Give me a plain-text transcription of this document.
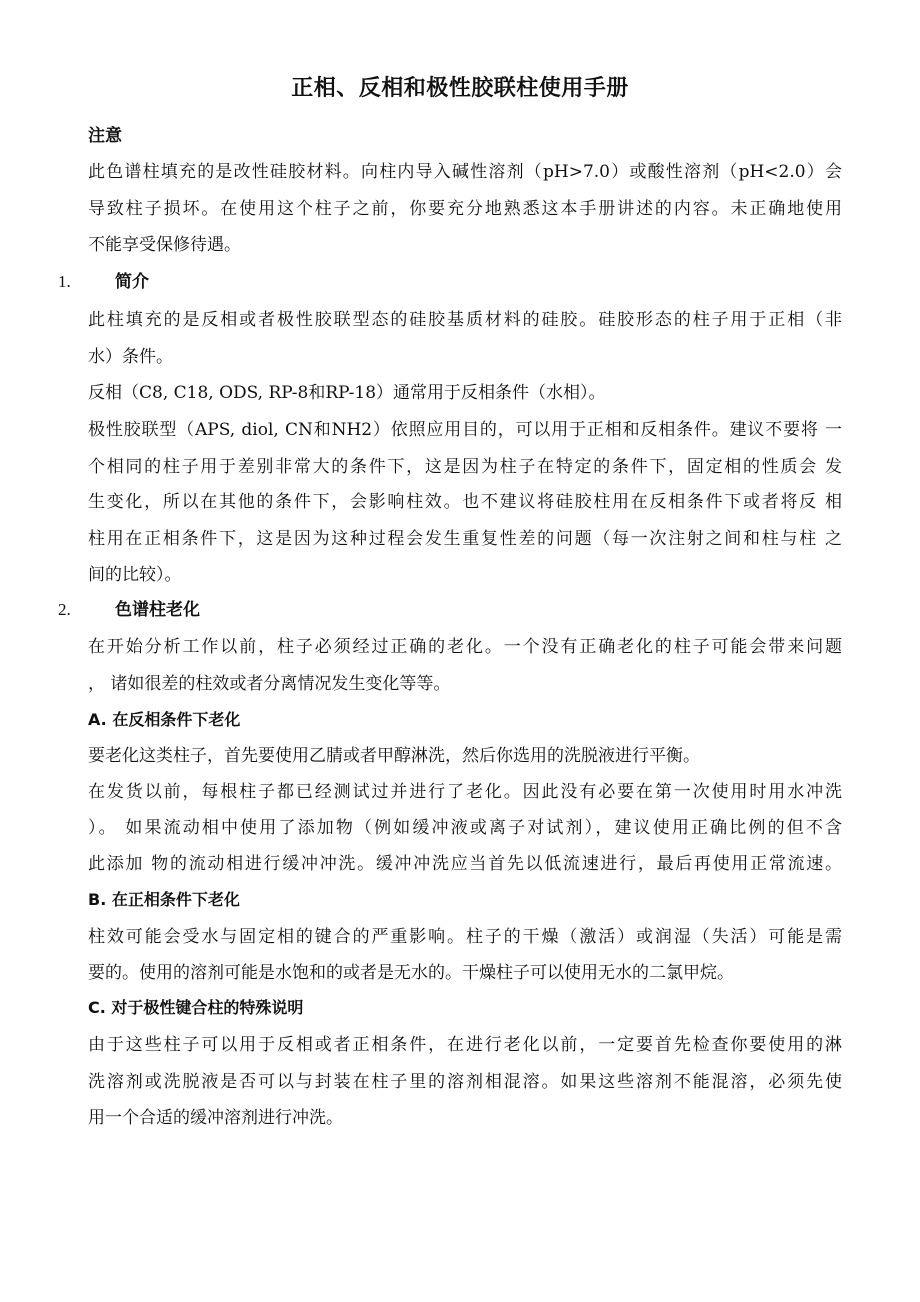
正相、反相和极性胶联柱使用手册
注意
此色谱柱填充的是改性硅胶材料。向柱内导入碱性溶剂（pH>7.0）或酸性溶剂（pH<2.0）会
导致柱子损坏。在使用这个柱子之前，你要充分地熟悉这本手册讲述的内容。未正确地使用
不能享受保修待遇。
1.	简介
此柱填充的是反相或者极性胶联型态的硅胶基质材料的硅胶。硅胶形态的柱子用于正相（非
水）条件。
反相（C8, C18, ODS, RP-8和RP-18）通常用于反相条件（水相）。
极性胶联型（APS, diol, CN和NH2）依照应用目的，可以用于正相和反相条件。建议不要将 一
个相同的柱子用于差别非常大的条件下，这是因为柱子在特定的条件下，固定相的性质会 发
生变化，所以在其他的条件下，会影响柱效。也不建议将硅胶柱用在反相条件下或者将反 相
柱用在正相条件下，这是因为这种过程会发生重复性差的问题（每一次注射之间和柱与柱 之
间的比较）。
2.	色谱柱老化
在开始分析工作以前，柱子必须经过正确的老化。一个没有正确老化的柱子可能会带来问题
， 诸如很差的柱效或者分离情况发生变化等等。
A. 在反相条件下老化
要老化这类柱子，首先要使用乙腈或者甲醇淋洗，然后你选用的洗脱液进行平衡。
在发货以前，每根柱子都已经测试过并进行了老化。因此没有必要在第一次使用时用水冲洗
）。 如果流动相中使用了添加物（例如缓冲液或离子对试剂），建议使用正确比例的但不含
此添加 物的流动相进行缓冲冲洗。缓冲冲洗应当首先以低流速进行，最后再使用正常流速。
B. 在正相条件下老化
柱效可能会受水与固定相的键合的严重影响。柱子的干燥（激活）或润湿（失活）可能是需
要的。使用的溶剂可能是水饱和的或者是无水的。干燥柱子可以使用无水的二氯甲烷。
C. 对于极性键合柱的特殊说明
由于这些柱子可以用于反相或者正相条件，在进行老化以前，一定要首先检查你要使用的淋
洗溶剂或洗脱液是否可以与封装在柱子里的溶剂相混溶。如果这些溶剂不能混溶，必须先使
用一个合适的缓冲溶剂进行冲洗。
